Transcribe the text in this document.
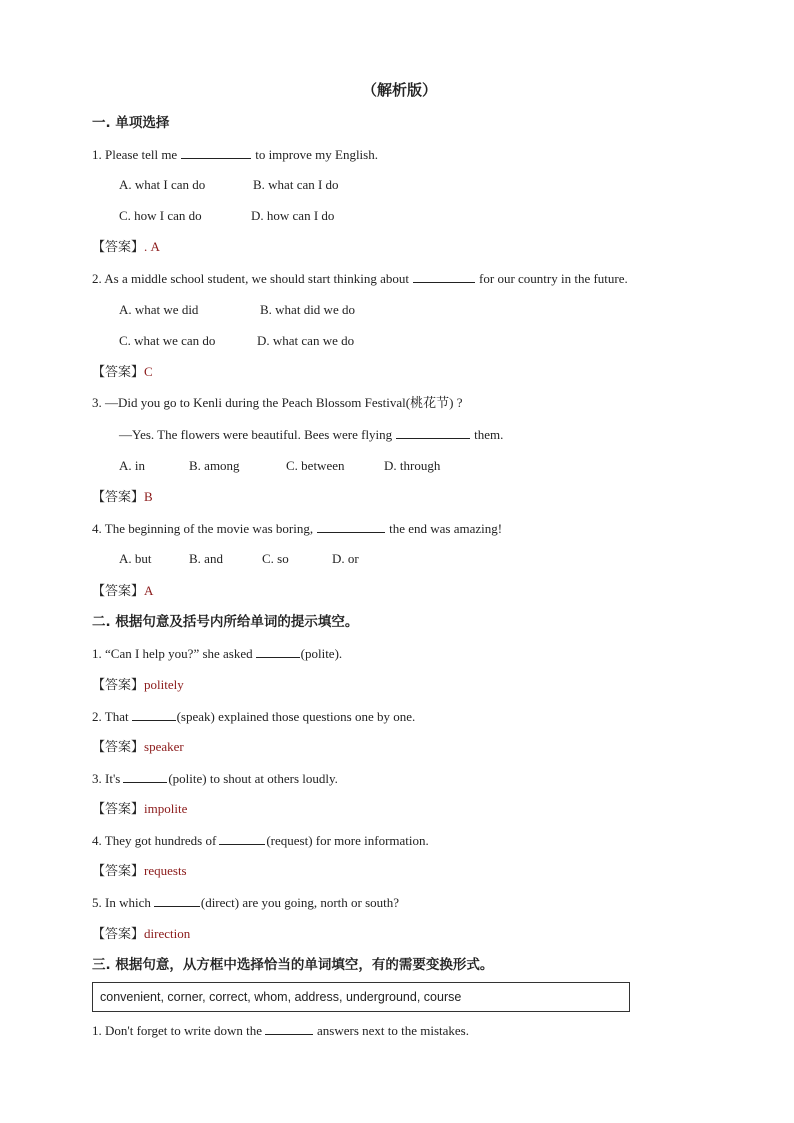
（解析版）
一. 单项选择
1. Please tell me	to improve my English.
A. what I can do	B. what can I do
C. how I can do	D. how can I do
【答案】. A
2. As a middle school student, we should start thinking about	for our country in the future.
A. what we did	B. what did we do
C. what we can do	D. what can we do
【答案】C
3. —Did you go to Kenli during the Peach Blossom Festival(桃花节) ?
—Yes. The flowers were beautiful. Bees were flying	them.
A. in	B. among	C. between	D. through
【答案】B
4. The beginning of the movie was boring,	the end was amazing!
A. but	B. and	C. so	D. or
【答案】A
二. 根据句意及括号内所给单词的提示填空。
1. “Can I help you?” she asked	(polite).
【答案】politely
2. That	(speak) explained those questions one by one.
【答案】speaker
3. It's	(polite) to shout at others loudly.
【答案】impolite
4. They got hundreds of	(request) for more information.
【答案】requests
5. In which	(direct) are you going, north or south?
【答案】direction
三. 根据句意，从方框中选择恰当的单词填空，有的需要变换形式。
convenient, corner, correct, whom, address, underground, course
1. Don't forget to write down the	answers next to the mistakes.
